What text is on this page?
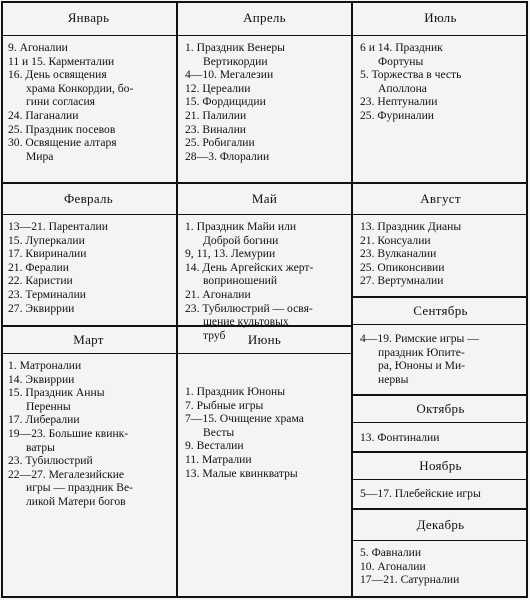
Январь
9. Агоналии
11 и 15. Карменталии
16. День освящения
храма Конкордии, бо-
гини согласия
24. Паганалии
25. Праздник посевов
30. Освящение алтаря
Мира
Февраль
13—21. Паренталии
15. Луперкалии
17. Квириналии
21. Фералии
22. Каристии
23. Терминалии
27. Эквиррии
Март
1. Матроналии
14. Эквиррии
15. Праздник Анны
Перенны
17. Либералии
19—23. Большие квинк-
ватры
23. Тубилюстрий
22—27. Мегалезийские
игры — праздник Ве-
ликой Матери богов
Апрель
1. Праздник Венеры
Вертикордии
4—10. Мегалезии
12. Цереалии
15. Фордицидии
21. Палилии
23. Виналии
25. Робигалии
28—3. Флоралии
Май
1. Праздник Майи или
Доброй богини
9, 11, 13. Лемурии
14. День Аргейских жерт-
воприношений
21. Агоналии
23. Тубилюстрий — освя-
щение культовых
труб	Июнь
1. Праздник Юноны
7. Рыбные игры
7—15. Очищение храма
Весты
9. Весталии
11. Матралии
13. Малые квинкватры
Июль
6 и 14. Праздник
Фортуны
5. Торжества в честь
Аполлона
23. Нептуналии
25. Фуриналии
Август
13. Праздник Дианы
21. Консуалии
23. Вулканалии
25. Опиконсивии
27. Вертумналии
Сентябрь
4—19. Римские игры —
праздник Юпите-
ра, Юноны и Ми-
нервы
Октябрь
13. Фонтиналии
Ноябрь
5—17. Плебейские игры
Декабрь
5. Фавналии
10. Агоналии
17—21. Сатурналии
